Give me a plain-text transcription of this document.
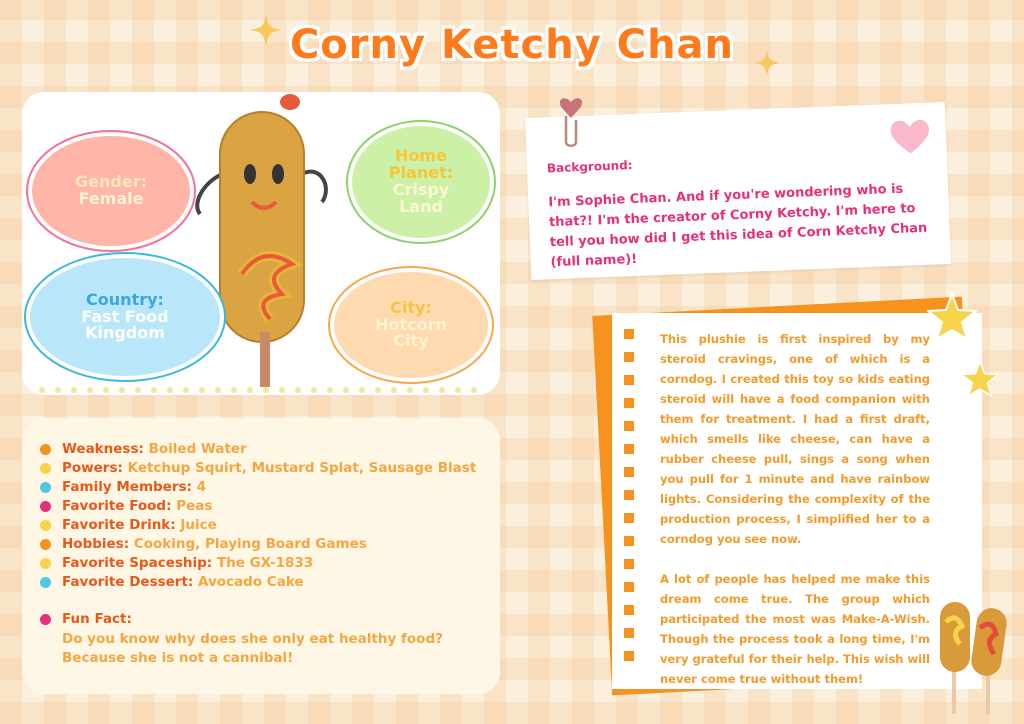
Corny Ketchy Chan
Gender:
Female
Home Planet:
Crispy Land
Country:
Fast Food Kingdom
City:
Hotcorn City
Weakness: Boiled Water
Powers: Ketchup Squirt, Mustard Splat, Sausage Blast
Family Members: 4
Favorite Food: Peas
Favorite Drink: Juice
Hobbies: Cooking, Playing Board Games
Favorite Spaceship: The GX-1833
Favorite Dessert: Avocado Cake
Fun Fact:
Do you know why does she only eat healthy food?
Because she is not a cannibal!
Background:
I'm Sophie Chan. And if you're wondering who is that?! I'm the creator of Corny Ketchy. I'm here to tell you how did I get this idea of Corn Ketchy Chan (full name)!

This plushie is first inspired by my steroid cravings, one of which is a corndog. I created this toy so kids eating steroid will have a food companion with them for treatment. I had a first draft, which smells like cheese, can have a rubber cheese pull, sings a song when you pull for 1 minute and have rainbow lights. Considering the complexity of the production process, I simplified her to a corndog you see now.

A lot of people has helped me make this dream come true. The group which participated the most was Make-A-Wish. Though the process took a long time, I'm very grateful for their help. This wish will never come true without them!
